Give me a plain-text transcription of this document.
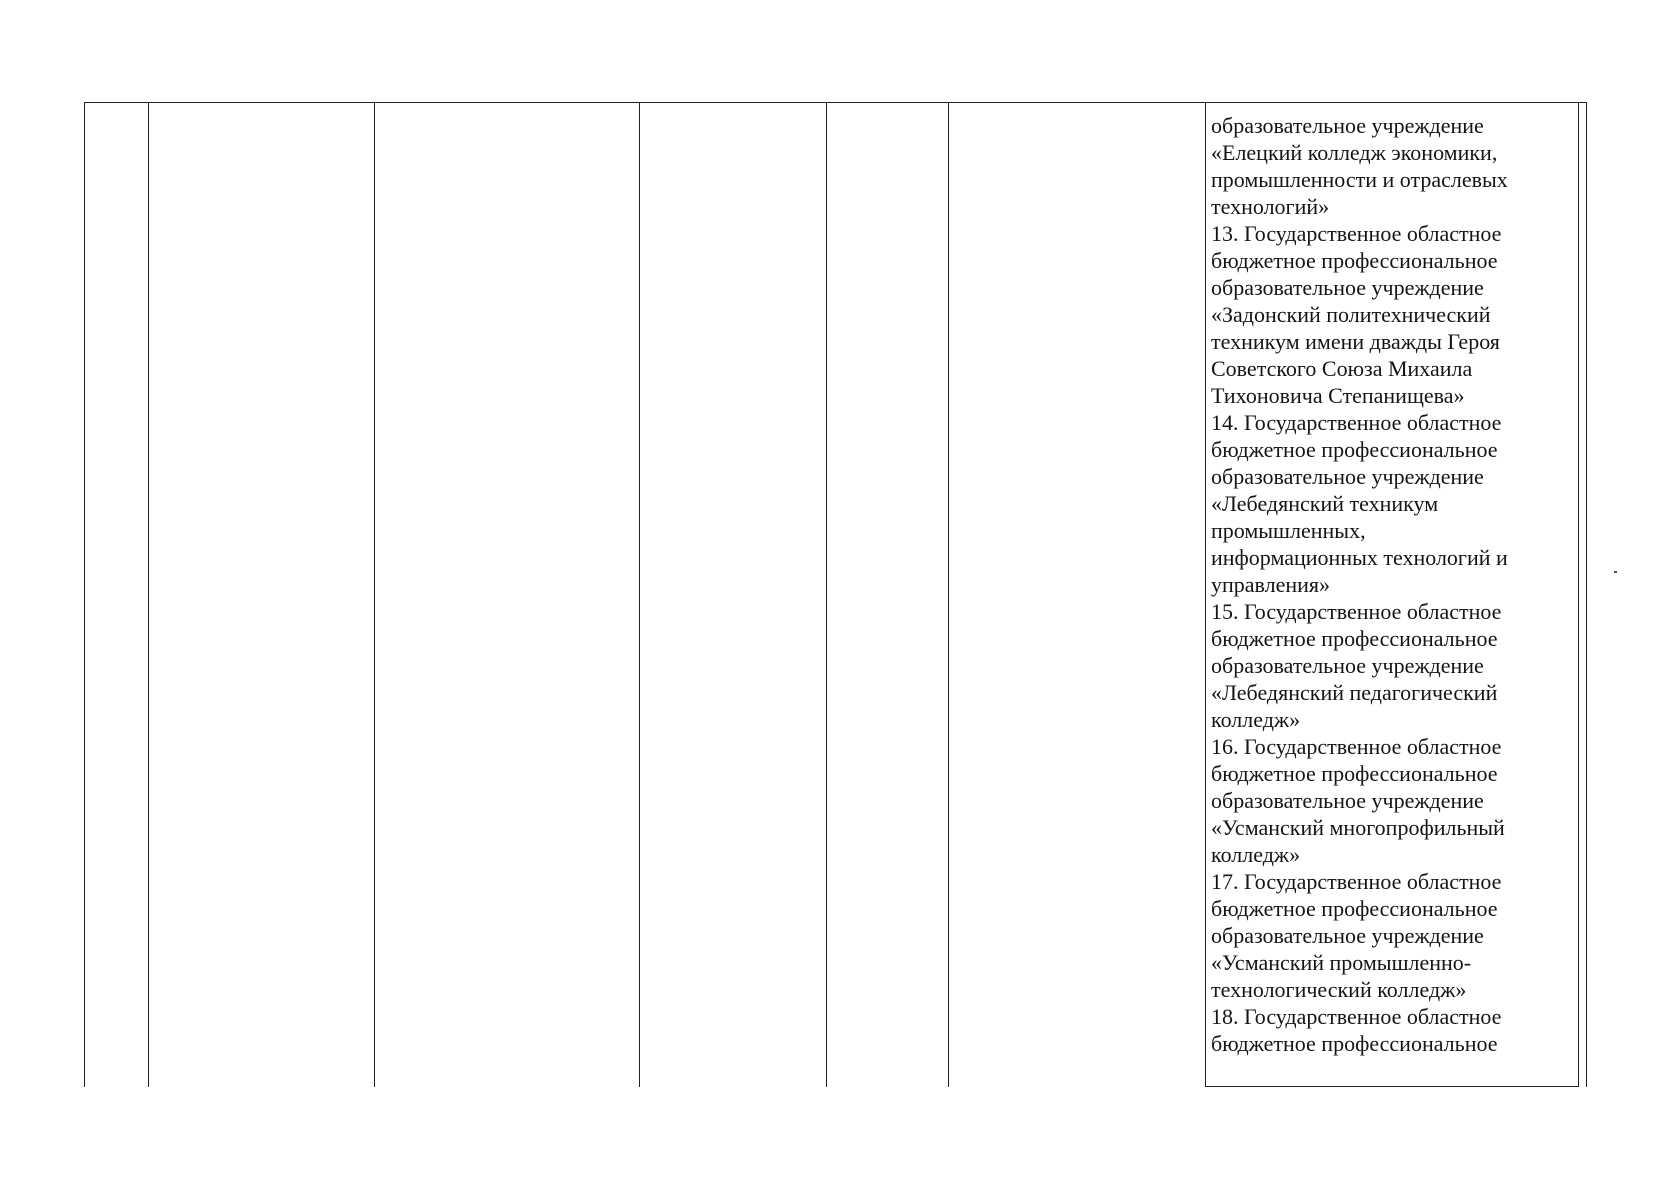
образовательное учреждение
«Елецкий колледж экономики,
промышленности и отраслевых
технологий»
13. Государственное областное
бюджетное профессиональное
образовательное учреждение
«Задонский политехнический
техникум имени дважды Героя
Советского Союза Михаила
Тихоновича Степанищева»
14. Государственное областное
бюджетное профессиональное
образовательное учреждение
«Лебедянский техникум
промышленных,
информационных технологий и
управления»
15. Государственное областное
бюджетное профессиональное
образовательное учреждение
«Лебедянский педагогический
колледж»
16. Государственное областное
бюджетное профессиональное
образовательное учреждение
«Усманский многопрофильный
колледж»
17. Государственное областное
бюджетное профессиональное
образовательное учреждение
«Усманский промышленно-
технологический колледж»
18. Государственное областное
бюджетное профессиональное
